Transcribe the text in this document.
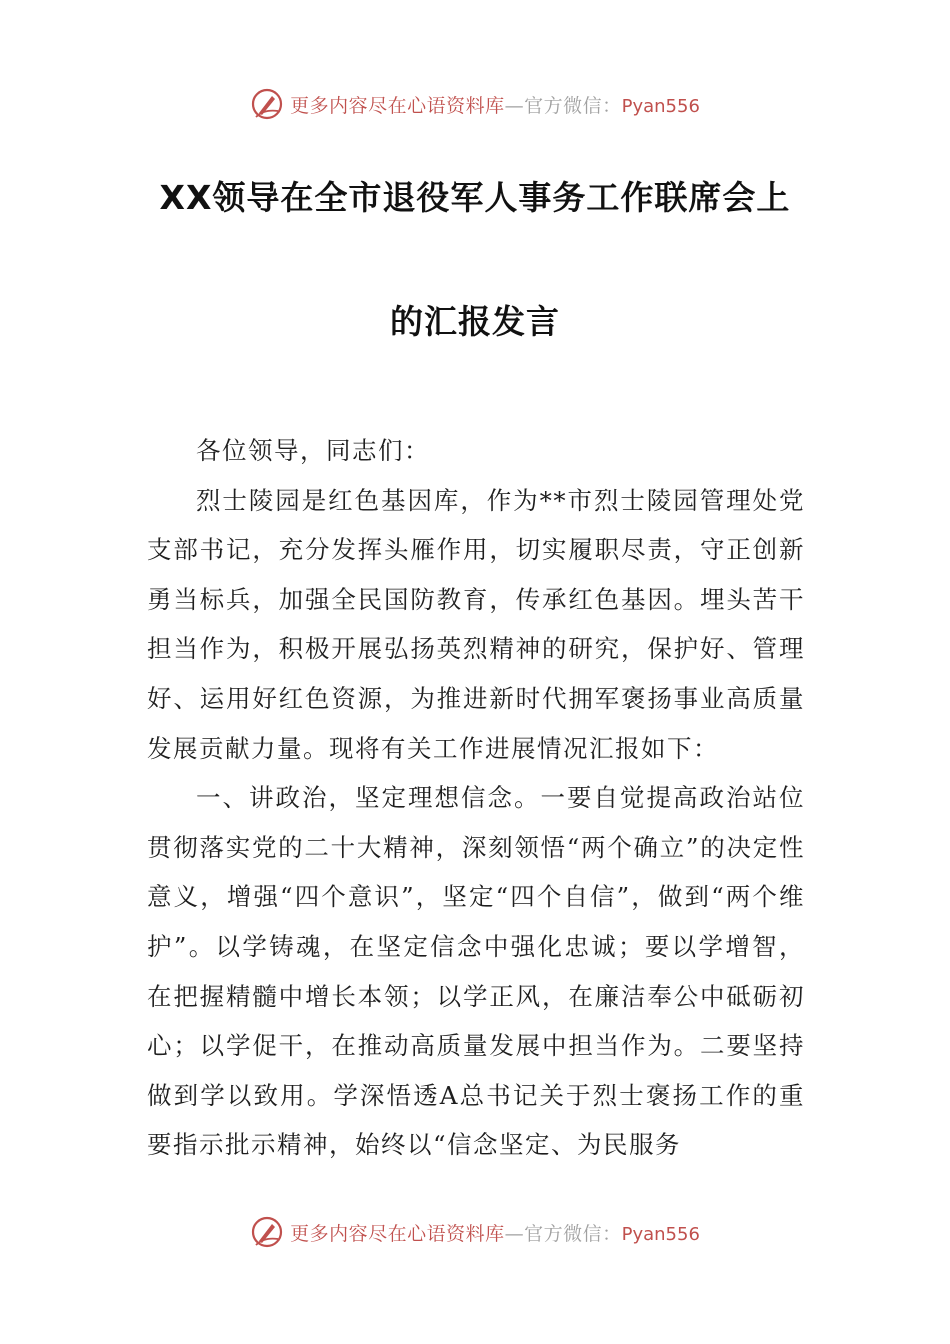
更多内容尽在心语资料库 —官方微信： Pyan556
XX领导在全市退役军人事务工作联席会上
的汇报发言

各位领导，同志们：

烈士陵园是红色基因库，作为**市烈士陵园管理处党支部书记，充分发挥头雁作用，切实履职尽责，守正创新勇当标兵，加强全民国防教育，传承红色基因。埋头苦干担当作为，积极开展弘扬英烈精神的研究，保护好、管理好、运用好红色资源，为推进新时代拥军褒扬事业高质量发展贡献力量。现将有关工作进展情况汇报如下：

一、讲政治，坚定理想信念。一要自觉提高政治站位贯彻落实党的二十大精神，深刻领悟“两个确立”的决定性意义，增强“四个意识”，坚定“四个自信”，做到“两个维护”。以学铸魂，在坚定信念中强化忠诚；要以学增智，在把握精髓中增长本领；以学正风，在廉洁奉公中砥砺初心；以学促干，在推动高质量发展中担当作为。二要坚持做到学以致用。学深悟透A总书记关于烈士褒扬工作的重要指示批示精神，始终以“信念坚定、为民服务

更多内容尽在心语资料库 —官方微信： Pyan556
